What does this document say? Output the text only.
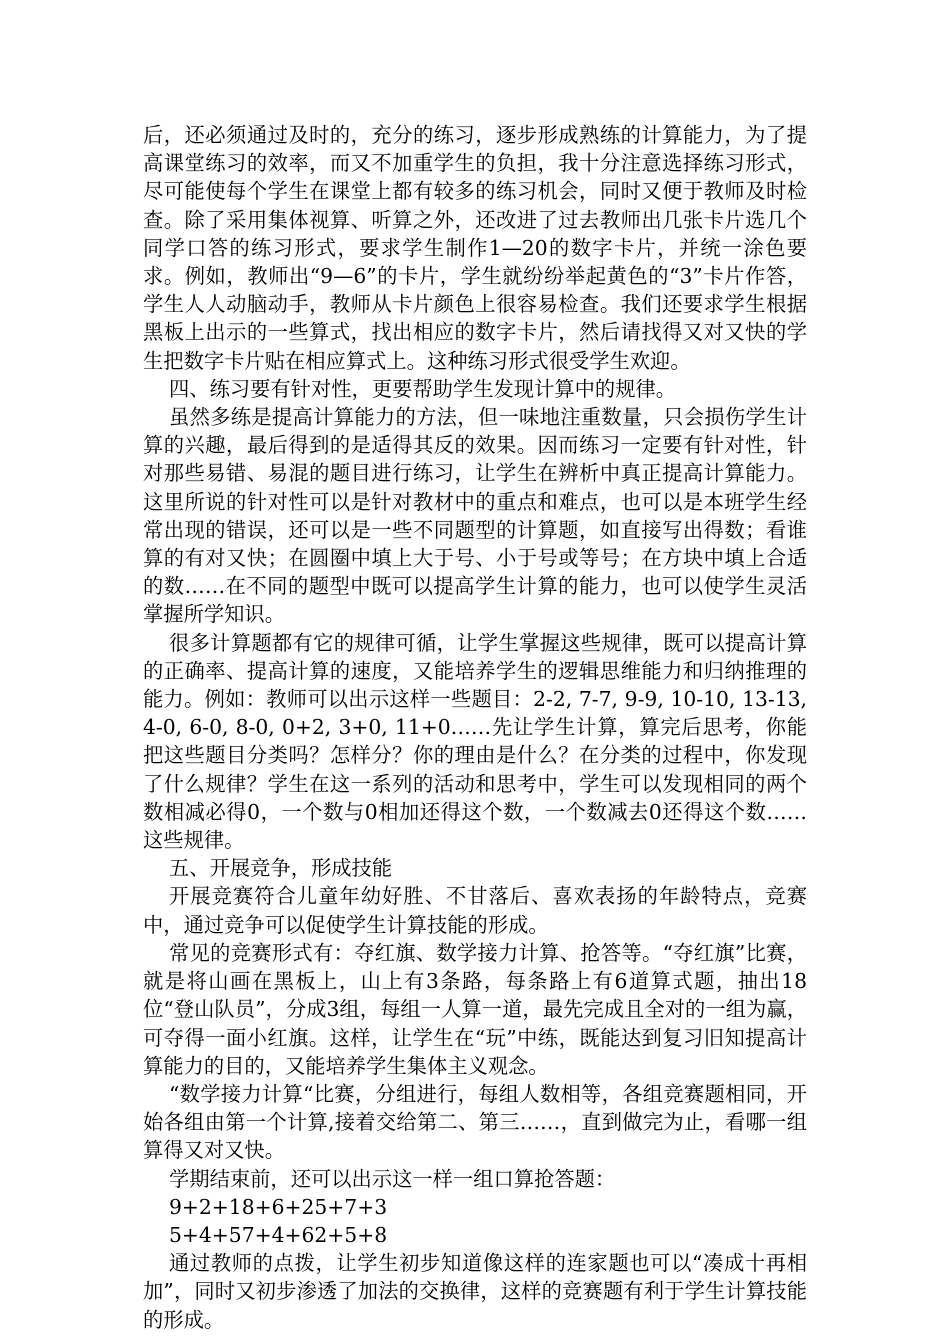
后，还必须通过及时的，充分的练习，逐步形成熟练的计算能力，为了提高课堂练习的效率，而又不加重学生的负担，我十分注意选择练习形式，尽可能使每个学生在课堂上都有较多的练习机会，同时又便于教师及时检查。除了采用集体视算、听算之外，还改进了过去教师出几张卡片选几个同学口答的练习形式，要求学生制作1—20的数字卡片，并统一涂色要求。例如，教师出“9—6”的卡片，学生就纷纷举起黄色的“3”卡片作答，学生人人动脑动手，教师从卡片颜色上很容易检查。我们还要求学生根据黑板上出示的一些算式，找出相应的数字卡片，然后请找得又对又快的学生把数字卡片贴在相应算式上。这种练习形式很受学生欢迎。

四、练习要有针对性，更要帮助学生发现计算中的规律。

虽然多练是提高计算能力的方法，但一味地注重数量，只会损伤学生计算的兴趣，最后得到的是适得其反的效果。因而练习一定要有针对性，针对那些易错、易混的题目进行练习，让学生在辨析中真正提高计算能力。这里所说的针对性可以是针对教材中的重点和难点，也可以是本班学生经常出现的错误，还可以是一些不同题型的计算题，如直接写出得数；看谁算的有对又快；在圆圈中填上大于号、小于号或等号；在方块中填上合适的数……在不同的题型中既可以提高学生计算的能力，也可以使学生灵活掌握所学知识。

很多计算题都有它的规律可循，让学生掌握这些规律，既可以提高计算的正确率、提高计算的速度，又能培养学生的逻辑思维能力和归纳推理的能力。例如：教师可以出示这样一些题目：2-2, 7-7, 9-9, 10-10, 13-13, 4-0, 6-0, 8-0, 0+2, 3+0, 11+0……先让学生计算，算完后思考，你能把这些题目分类吗？怎样分？你的理由是什么？在分类的过程中，你发现了什么规律？学生在这一系列的活动和思考中，学生可以发现相同的两个数相减必得0，一个数与0相加还得这个数，一个数减去0还得这个数……这些规律。

五、开展竞争，形成技能

开展竞赛符合儿童年幼好胜、不甘落后、喜欢表扬的年龄特点，竞赛中，通过竞争可以促使学生计算技能的形成。

常见的竞赛形式有：夺红旗、数学接力计算、抢答等。“夺红旗”比赛，就是将山画在黑板上，山上有3条路，每条路上有6道算式题，抽出18位“登山队员”，分成3组，每组一人算一道，最先完成且全对的一组为赢，可夺得一面小红旗。这样，让学生在“玩”中练，既能达到复习旧知提高计算能力的目的，又能培养学生集体主义观念。

“数学接力计算“比赛，分组进行，每组人数相等，各组竞赛题相同，开始各组由第一个计算,接着交给第二、第三……，直到做完为止，看哪一组算得又对又快。

学期结束前，还可以出示这一样一组口算抢答题：

9+2+18+6+25+7+3

5+4+57+4+62+5+8

通过教师的点拨，让学生初步知道像这样的连家题也可以“凑成十再相加”，同时又初步渗透了加法的交换律，这样的竞赛题有利于学生计算技能的形成。
